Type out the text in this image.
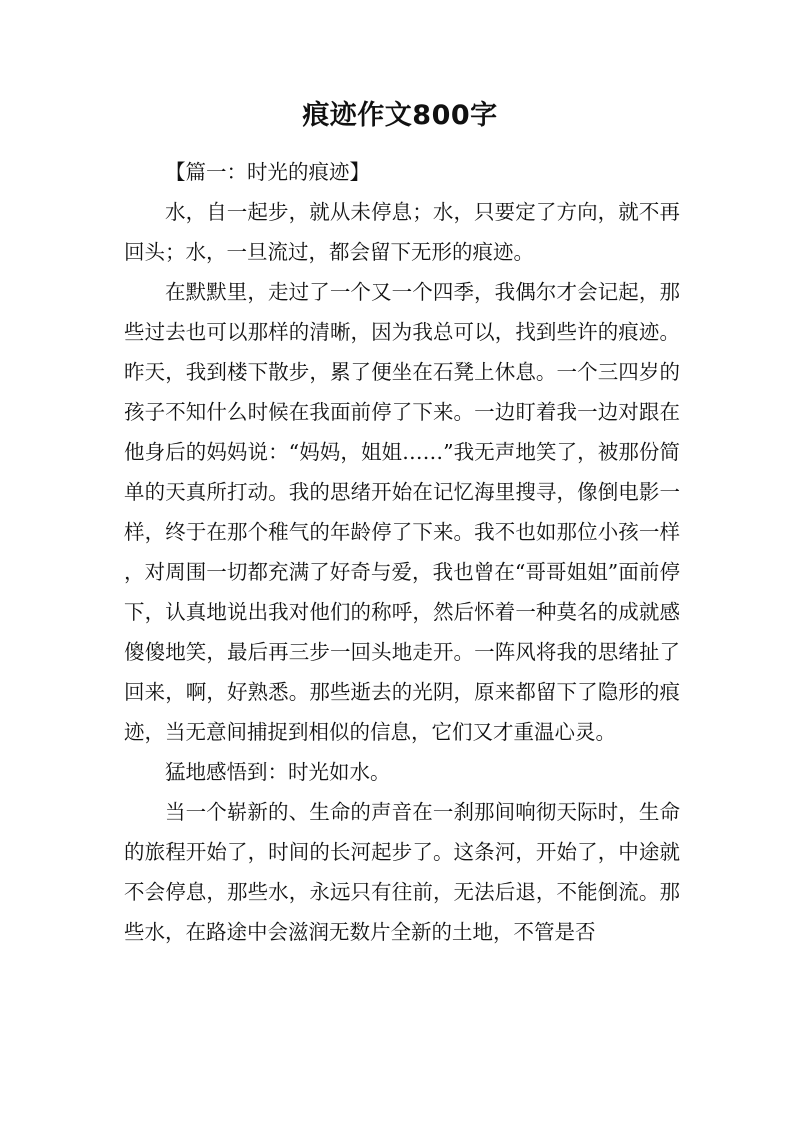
痕迹作文800字

【篇一：时光的痕迹】

水，自一起步，就从未停息；水，只要定了方向，就不再回头；水，一旦流过，都会留下无形的痕迹。

在默默里，走过了一个又一个四季，我偶尔才会记起，那些过去也可以那样的清晰，因为我总可以，找到些许的痕迹。昨天，我到楼下散步，累了便坐在石凳上休息。一个三四岁的孩子不知什么时候在我面前停了下来。一边盯着我一边对跟在他身后的妈妈说：“妈妈，姐姐……”我无声地笑了，被那份简单的天真所打动。我的思绪开始在记忆海里搜寻，像倒电影一样，终于在那个稚气的年龄停了下来。我不也如那位小孩一样，对周围一切都充满了好奇与爱，我也曾在“哥哥姐姐”面前停下，认真地说出我对他们的称呼，然后怀着一种莫名的成就感傻傻地笑，最后再三步一回头地走开。一阵风将我的思绪扯了回来，啊，好熟悉。那些逝去的光阴，原来都留下了隐形的痕迹，当无意间捕捉到相似的信息，它们又才重温心灵。

猛地感悟到：时光如水。

当一个崭新的、生命的声音在一刹那间响彻天际时，生命的旅程开始了，时间的长河起步了。这条河，开始了，中途就不会停息，那些水，永远只有往前，无法后退，不能倒流。那些水，在路途中会滋润无数片全新的土地，不管是否
